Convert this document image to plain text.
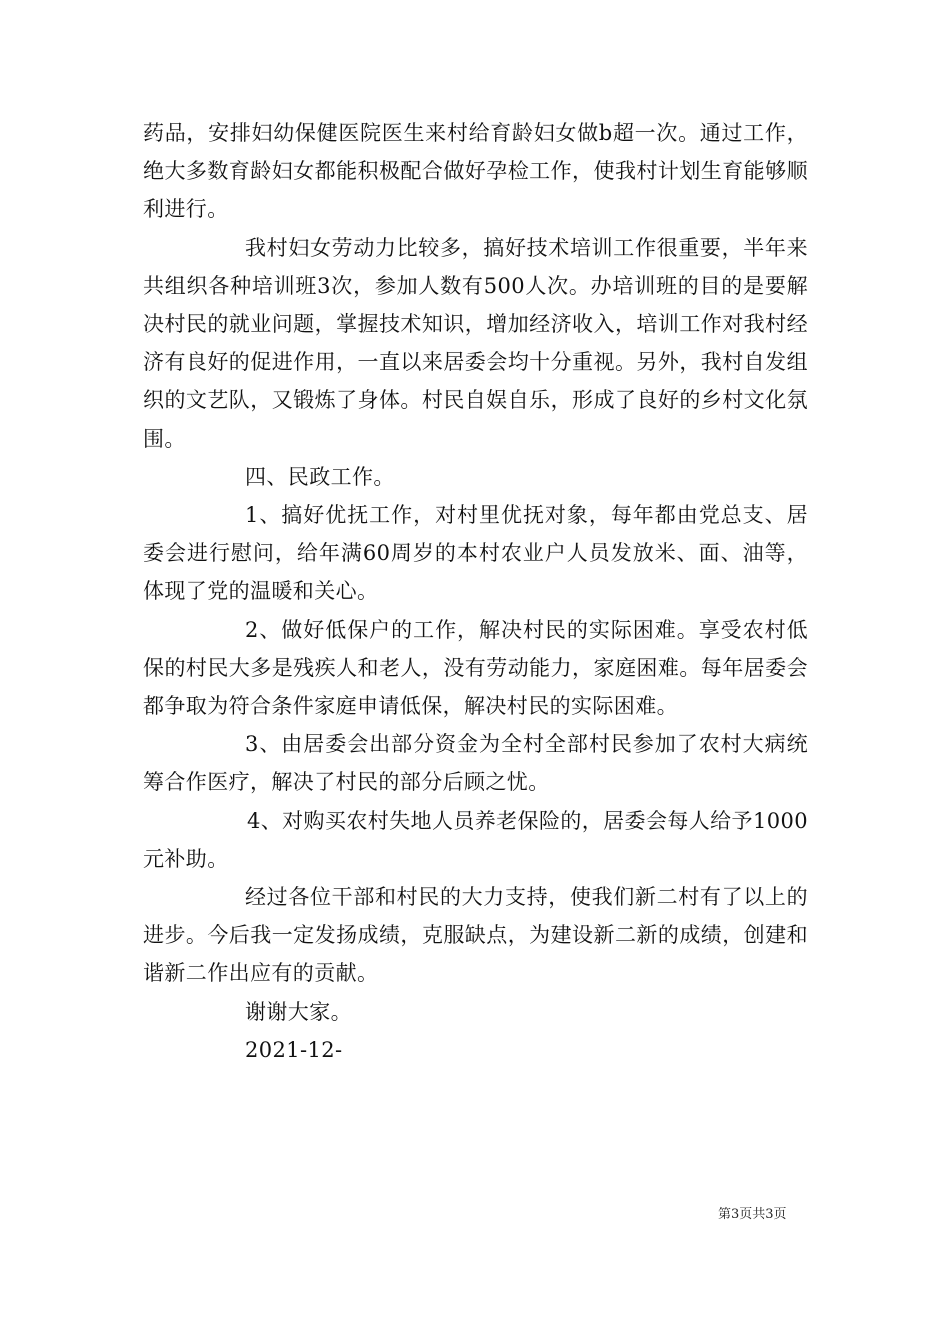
药品，安排妇幼保健医院医生来村给育龄妇女做b超一次。通过工作，绝大多数育龄妇女都能积极配合做好孕检工作，使我村计划生育能够顺利进行。

我村妇女劳动力比较多，搞好技术培训工作很重要，半年来共组织各种培训班3次，参加人数有500人次。办培训班的目的是要解决村民的就业问题，掌握技术知识，增加经济收入，培训工作对我村经济有良好的促进作用，一直以来居委会均十分重视。另外，我村自发组织的文艺队，又锻炼了身体。村民自娱自乐，形成了良好的乡村文化氛围。

四、民政工作。

1、搞好优抚工作，对村里优抚对象，每年都由党总支、居委会进行慰问，给年满60周岁的本村农业户人员发放米、面、油等，体现了党的温暖和关心。

2、做好低保户的工作，解决村民的实际困难。享受农村低保的村民大多是残疾人和老人，没有劳动能力，家庭困难。每年居委会都争取为符合条件家庭申请低保，解决村民的实际困难。

3、由居委会出部分资金为全村全部村民参加了农村大病统筹合作医疗，解决了村民的部分后顾之忧。

4、对购买农村失地人员养老保险的，居委会每人给予1000元补助。

经过各位干部和村民的大力支持，使我们新二村有了以上的进步。今后我一定发扬成绩，克服缺点，为建设新二新的成绩，创建和谐新二作出应有的贡献。

谢谢大家。

2021-12-

第3页共3页
